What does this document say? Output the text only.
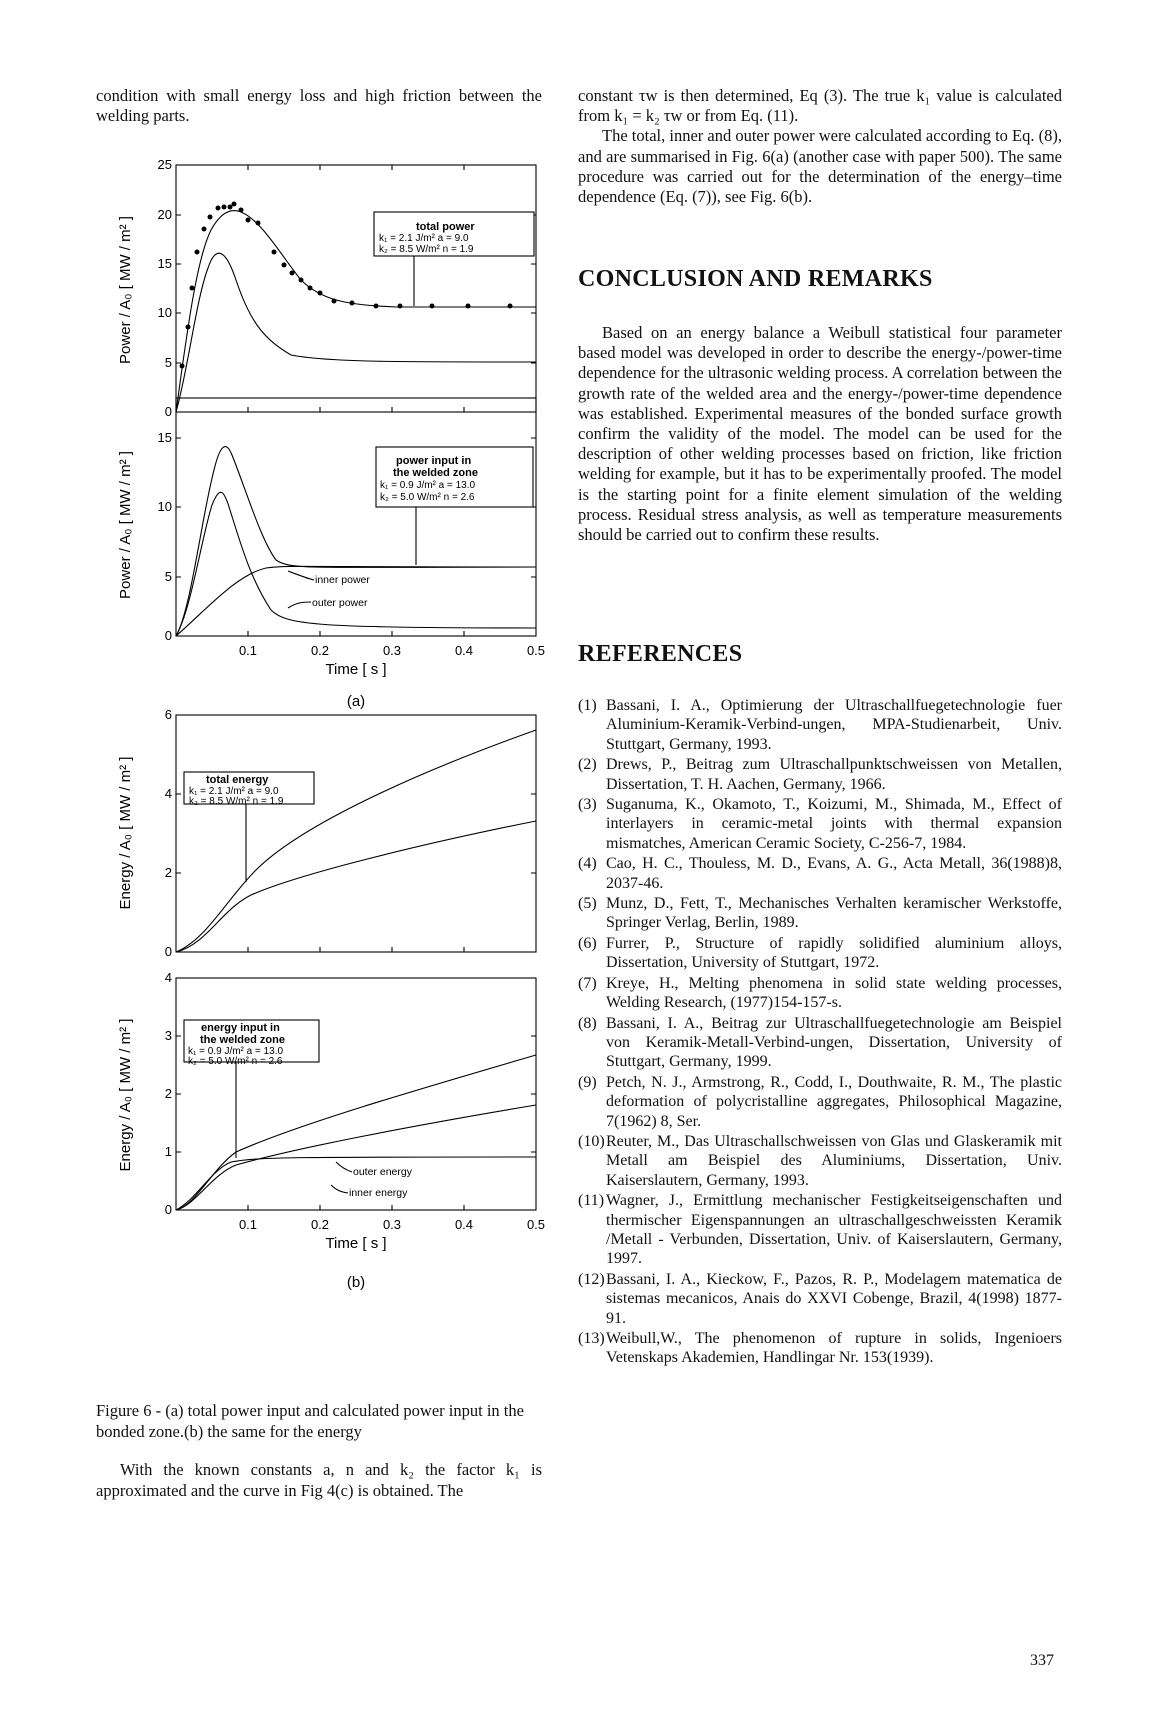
condition with small energy loss and high friction between the welding parts.

total power
k₁ = 2.1 J/m² a = 9.0
k₂ = 8.5 W/m² n = 1.9
25
20
15
10
5
0
Power / A₀ [ MW / m² ]
power input in
the welded zone
k₁ = 0.9 J/m² a = 13.0
k₂ = 5.0 W/m² n = 2.6
inner power
outer power
15
10
5
0
0.1	0.2	0.3	0.4	0.5
Time [ s ]
Power / A₀ [ MW / m² ]
(a)
total energy
k₁ = 2.1 J/m² a = 9.0
k₂ = 8.5 W/m² n = 1.9
6
4
2
0
Energy / A₀ [ MW / m² ]
energy input in
the welded zone
k₁ = 0.9 J/m² a = 13.0
k₂ = 5.0 W/m² n = 2.6
outer energy
inner energy
4
3
2
1
0
0.1	0.2	0.3	0.4	0.5
Time [ s ]
Energy / A₀ [ MW / m² ]
(b)
Figure 6 - (a) total power input and calculated power input in the bonded zone.(b) the same for the energy
With the known constants a, n and k₂ the factor k₁ is approximated and the curve in Fig 4(c) is obtained. The

constant τw is then determined, Eq (3). The true k₁ value is calculated from k₁ = k₂ τw or from Eq. (11).

The total, inner and outer power were calculated according to Eq. (8), and are summarised in Fig. 6(a) (another case with paper 500). The same procedure was carried out for the determination of the energy–time dependence (Eq. (7)), see Fig. 6(b).

CONCLUSION AND REMARKS
Based on an energy balance a Weibull statistical four parameter based model was developed in order to describe the energy-/power-time dependence for the ultrasonic welding process. A correlation between the growth rate of the welded area and the energy-/power-time dependence was established. Experimental measures of the bonded surface growth confirm the validity of the model. The model can be used for the description of other welding processes based on friction, like friction welding for example, but it has to be experimentally proofed. The model is the starting point for a finite element simulation of the welding process. Residual stress analysis, as well as temperature measurements should be carried out to confirm these results.
REFERENCES
(1) Bassani, I. A., Optimierung der Ultraschallfuegetechnologie fuer Aluminium-Keramik-Verbind-ungen, MPA-Studienarbeit, Univ. Stuttgart, Germany, 1993.
(2) Drews, P., Beitrag zum Ultraschallpunktschweissen von Metallen, Dissertation, T. H. Aachen, Germany, 1966.
(3) Suganuma, K., Okamoto, T., Koizumi, M., Shimada, M., Effect of interlayers in ceramic-metal joints with thermal expansion mismatches, American Ceramic Society, C-256-7, 1984.
(4) Cao, H. C., Thouless, M. D., Evans, A. G., Acta Metall, 36(1988)8, 2037-46.
(5) Munz, D., Fett, T., Mechanisches Verhalten keramischer Werkstoffe, Springer Verlag, Berlin, 1989.
(6) Furrer, P., Structure of rapidly solidified aluminium alloys, Dissertation, University of Stuttgart, 1972.
(7) Kreye, H., Melting phenomena in solid state welding processes, Welding Research, (1977)154-157-s.
(8) Bassani, I. A., Beitrag zur Ultraschallfuegetechnologie am Beispiel von Keramik-Metall-Verbind-ungen, Dissertation, University of Stuttgart, Germany, 1999.
(9) Petch, N. J., Armstrong, R., Codd, I., Douthwaite, R. M., The plastic deformation of polycristalline aggregates, Philosophical Magazine, 7(1962) 8, Ser.
(10) Reuter, M., Das Ultraschallschweissen von Glas und Glaskeramik mit Metall am Beispiel des Aluminiums, Dissertation, Univ. Kaiserslautern, Germany, 1993.
(11) Wagner, J., Ermittlung mechanischer Festigkeitseigenschaften und thermischer Eigenspannungen an ultraschallgeschweissten Keramik /Metall - Verbunden, Dissertation, Univ. of Kaiserslautern, Germany, 1997.
(12) Bassani, I. A., Kieckow, F., Pazos, R. P., Modelagem matematica de sistemas mecanicos, Anais do XXVI Cobenge, Brazil, 4(1998) 1877-91.
(13) Weibull,W., The phenomenon of rupture in solids, Ingenioers Vetenskaps Akademien, Handlingar Nr. 153(1939).
337
